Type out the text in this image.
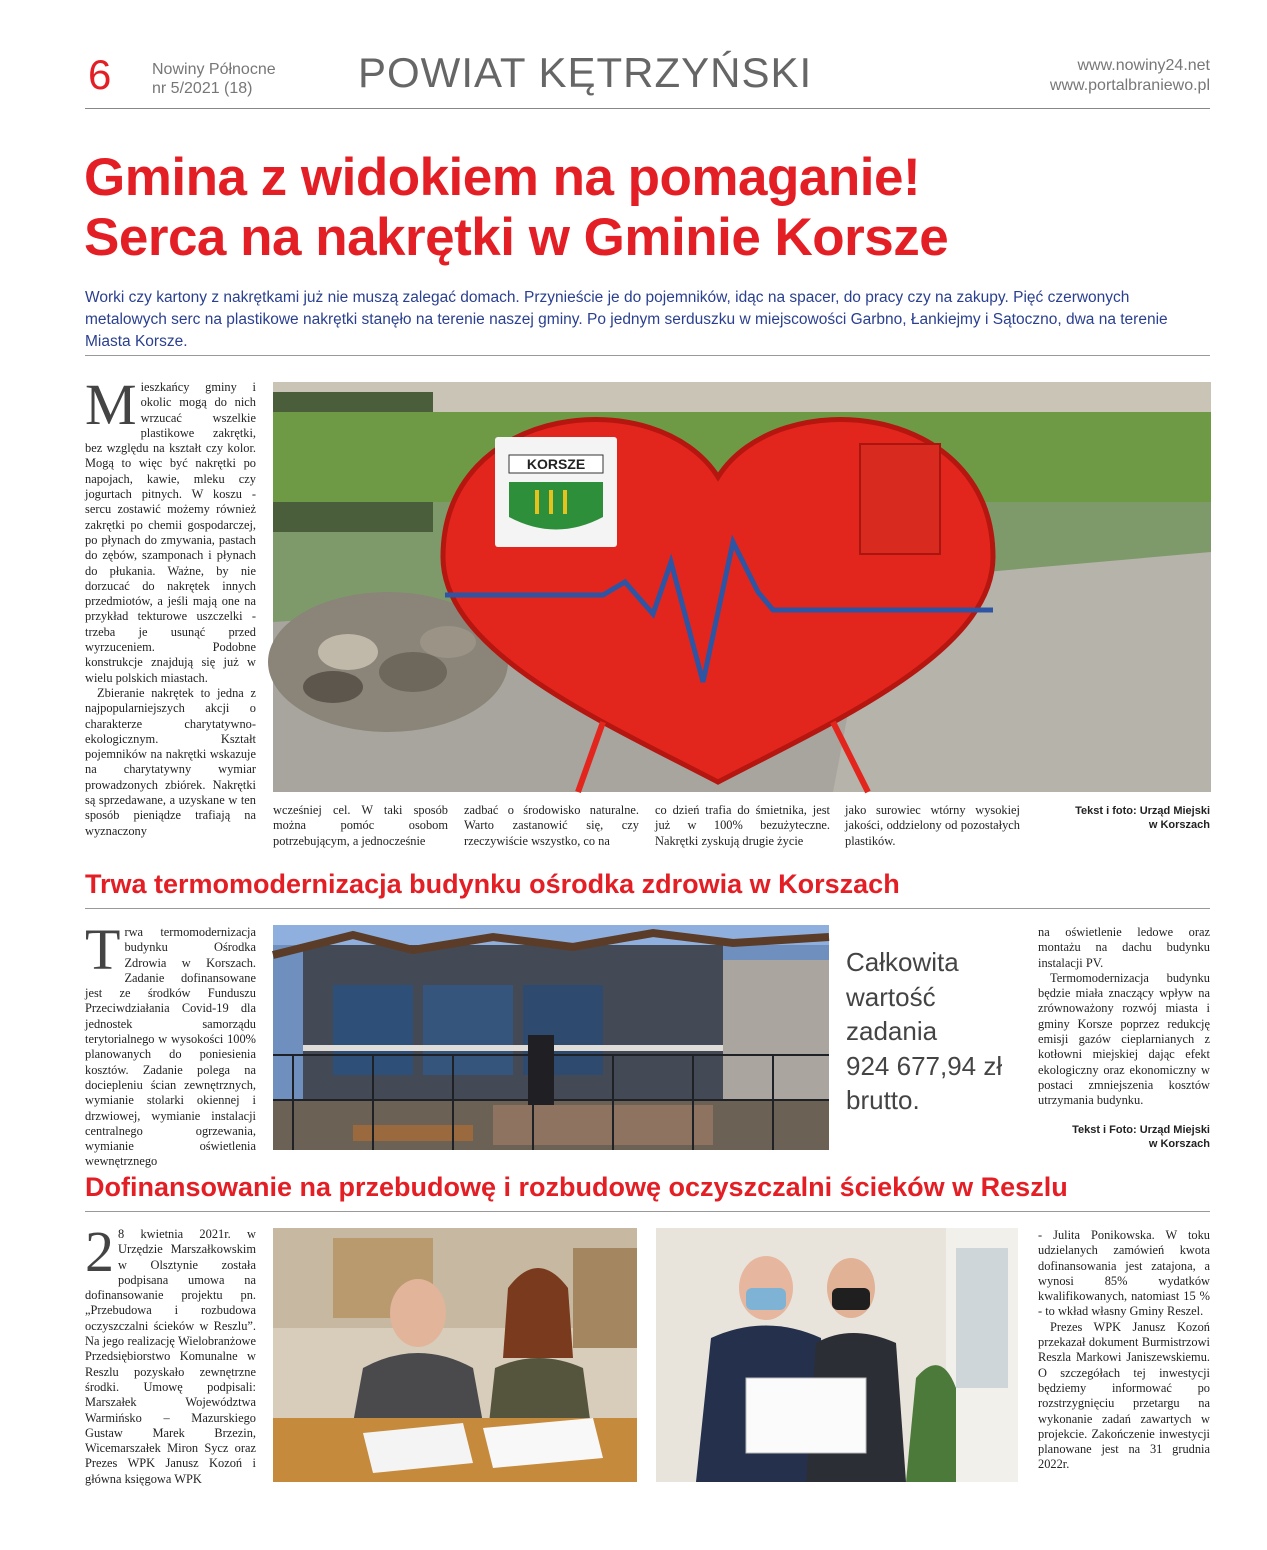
6	Nowiny Północne
nr 5/2021 (18)	POWIAT KĘTRZYŃSKI	www.nowiny24.net
www.portalbraniewo.pl
Gmina z widokiem na pomaganie!
Serca na nakrętki w Gminie Korsze
Worki czy kartony z nakrętkami już nie muszą zalegać domach. Przynieście je do pojemników, idąc na spacer, do pracy czy na zakupy. Pięć czerwonych metalowych serc na plastikowe nakrętki stanęło na terenie naszej gminy. Po jednym serduszku w miejscowości Garbno, Łankiejmy i Sątoczno, dwa na terenie Miasta Korsze.
M ieszkańcy gminy i okolic mogą do nich wrzucać wszelkie plastikowe zakrętki, bez względu na kształt czy kolor. Mogą to więc być nakrętki po napojach, kawie, mleku czy jogurtach pitnych. W koszu - sercu zostawić możemy również zakrętki po chemii gospodarczej, po płynach do zmywania, pastach do zębów, szamponach i płynach do płukania. Ważne, by nie dorzucać do nakrętek innych przedmiotów, a jeśli mają one na przykład tekturowe uszczelki - trzeba je usunąć przed wyrzuceniem. Podobne konstrukcje znajdują się już w wielu polskich miastach.

Zbieranie nakrętek to jedna z najpopularniejszych akcji o charakterze charytatywno-ekologicznym. Kształt pojemników na nakrętki wskazuje na charytatywny wymiar prowadzonych zbiórek. Nakrętki są sprzedawane, a uzyskane w ten sposób pieniądze trafiają na wyznaczony

KORSZE
wcześniej cel. W taki sposób można pomóc osobom potrzebującym, a jednocześnie
zadbać o środowisko naturalne. Warto zastanowić się, czy rzeczywiście wszystko, co na
co dzień trafia do śmietnika, jest już w 100% bezużyteczne. Nakrętki zyskują drugie życie
jako surowiec wtórny wysokiej jakości, oddzielony od pozostałych plastików.
Tekst i foto: Urząd Miejski
w Korszach
Trwa termomodernizacja budynku ośrodka zdrowia w Korszach
T rwa termomodernizacja budynku Ośrodka Zdrowia w Korszach. Zadanie dofinansowane jest ze środków Funduszu Przeciwdziałania Covid-19 dla jednostek samorządu terytorialnego w wysokości 100% planowanych do poniesienia kosztów. Zadanie polega na dociepleniu ścian zewnętrznych, wymianie stolarki okiennej i drzwiowej, wymianie instalacji centralnego ogrzewania, wymianie oświetlenia wewnętrznego

Całkowita
wartość
zadania
924 677,94 zł
brutto.

na oświetlenie ledowe oraz montażu na dachu budynku instalacji PV.

Termomodernizacja budynku będzie miała znaczący wpływ na zrównoważony rozwój miasta i gminy Korsze poprzez redukcję emisji gazów cieplarnianych z kotłowni miejskiej dając efekt ekologiczny oraz ekonomiczny w postaci zmniejszenia kosztów utrzymania budynku.

Tekst i Foto: Urząd Miejski
w Korszach
Dofinansowanie na przebudowę i rozbudowę oczyszczalni ścieków w Reszlu
2 8 kwietnia 2021r. w Urzędzie Marszałkowskim w Olsztynie została podpisana umowa na dofinansowanie projektu pn. „Przebudowa i rozbudowa oczyszczalni ścieków w Reszlu”. Na jego realizację Wielobranżowe Przedsiębiorstwo Komunalne w Reszlu pozyskało zewnętrzne środki. Umowę podpisali: Marszałek Województwa Warmińsko – Mazurskiego Gustaw Marek Brzezin, Wicemarszałek Miron Sycz oraz Prezes WPK Janusz Kozoń i główna księgowa WPK

- Julita Ponikowska. W toku udzielanych zamówień kwota dofinansowania jest zatajona, a wynosi 85% wydatków kwalifikowanych, natomiast 15 % - to wkład własny Gminy Reszel.

Prezes WPK Janusz Kozoń przekazał dokument Burmistrzowi Reszla Markowi Janiszewskiemu. O szczegółach tej inwestycji będziemy informować po rozstrzygnięciu przetargu na wykonanie zadań zawartych w projekcie. Zakończenie inwestycji planowane jest na 31 grudnia 2022r.
